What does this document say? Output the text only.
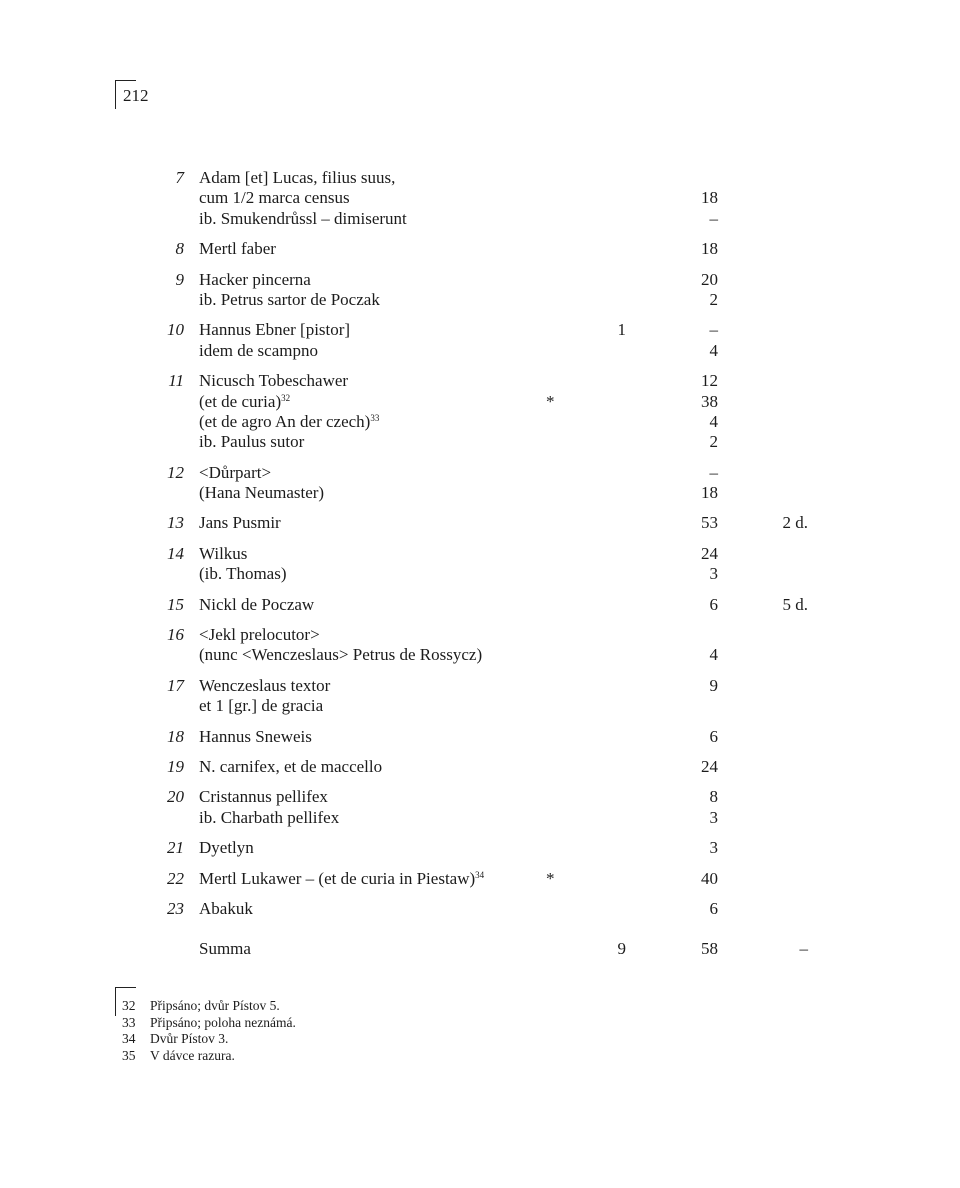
212
7 Adam [et] Lucas, filius suus,
cum 1/2 marca census	18
ib. Smukendrůssl – dimiserunt	–
8 Mertl faber	18
9 Hacker pincerna	20
ib. Petrus sartor de Poczak	2
10 Hannus Ebner [pistor]	1	–
idem de scampno	4
11 Nicusch Tobeschawer	12
(et de curia)$^{32}$	*	38
(et de agro An der czech)$^{33}$	4
ib. Paulus sutor	2
12 <Důrpart>	–
(Hana Neumaster)	18
13 Jans Pusmir	53	2 d.
14 Wilkus	24
(ib. Thomas)	3
15 Nickl de Poczaw	6	5 d.
16 <Jekl prelocutor>
(nunc <Wenczeslaus> Petrus de Rossycz)	4
17 Wenczeslaus textor	9
et 1 [gr.] de gracia
18 Hannus Sneweis	6
19 N. carnifex, et de maccello	24
20 Cristannus pellifex	8
ib. Charbath pellifex	3
21 Dyetlyn	3
22 Mertl Lukawer – (et de curia in Piestaw)$^{34}$	*	40
23 Abakuk	6
Summa	9	58	–
32 Připsáno; dvůr Pístov 5.
33 Připsáno; poloha neznámá.
34 Dvůr Pístov 3.
35 V dávce razura.
